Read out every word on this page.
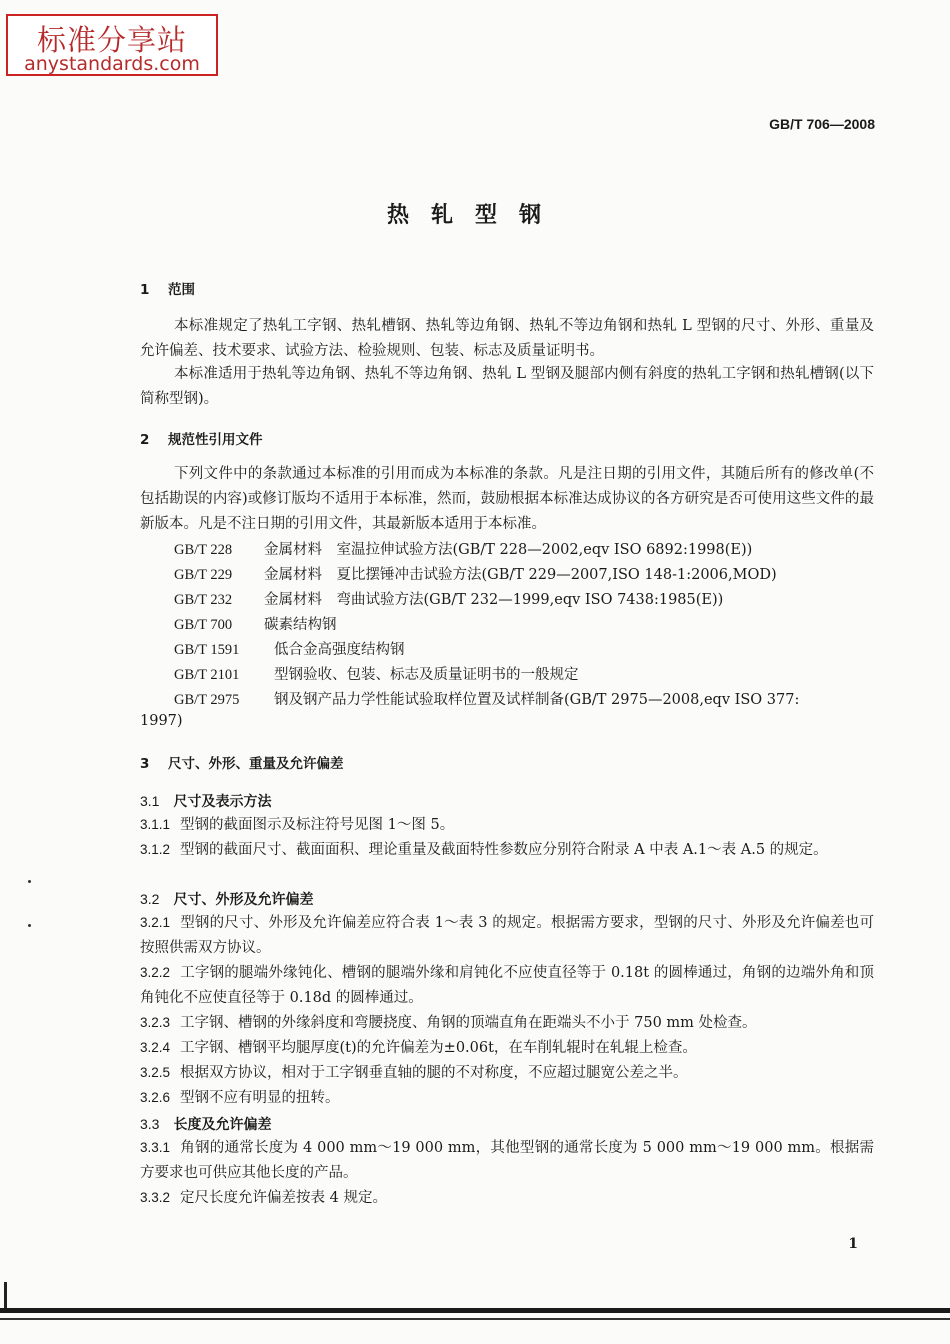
标准分享站
anystandards.com
GB/T 706—2008
热轧型钢
1 范围
本标准规定了热轧工字钢、热轧槽钢、热轧等边角钢、热轧不等边角钢和热轧 L 型钢的尺寸、外形、重量及允许偏差、技术要求、试验方法、检验规则、包装、标志及质量证明书。
本标准适用于热轧等边角钢、热轧不等边角钢、热轧 L 型钢及腿部内侧有斜度的热轧工字钢和热轧槽钢(以下简称型钢)。
2 规范性引用文件
下列文件中的条款通过本标准的引用而成为本标准的条款。凡是注日期的引用文件，其随后所有的修改单(不包括勘误的内容)或修订版均不适用于本标准，然而，鼓励根据本标准达成协议的各方研究是否可使用这些文件的最新版本。凡是不注日期的引用文件，其最新版本适用于本标准。
GB/T 228 金属材料　室温拉伸试验方法(GB/T 228—2002,eqv ISO 6892:1998(E))
GB/T 229 金属材料　夏比摆锤冲击试验方法(GB/T 229—2007,ISO 148-1:2006,MOD)
GB/T 232 金属材料　弯曲试验方法(GB/T 232—1999,eqv ISO 7438:1985(E))
GB/T 700 碳素结构钢
GB/T 1591 低合金高强度结构钢
GB/T 2101 型钢验收、包装、标志及质量证明书的一般规定
GB/T 2975 钢及钢产品力学性能试验取样位置及试样制备(GB/T 2975—2008,eqv ISO 377:
1997)
3 尺寸、外形、重量及允许偏差
3.1 尺寸及表示方法
3.1.1 型钢的截面图示及标注符号见图 1～图 5。
3.1.2 型钢的截面尺寸、截面面积、理论重量及截面特性参数应分别符合附录 A 中表 A.1～表 A.5 的规定。
3.2 尺寸、外形及允许偏差
3.2.1 型钢的尺寸、外形及允许偏差应符合表 1～表 3 的规定。根据需方要求，型钢的尺寸、外形及允许偏差也可按照供需双方协议。
3.2.2 工字钢的腿端外缘钝化、槽钢的腿端外缘和肩钝化不应使直径等于 0.18t 的圆棒通过，角钢的边端外角和顶角钝化不应使直径等于 0.18d 的圆棒通过。
3.2.3 工字钢、槽钢的外缘斜度和弯腰挠度、角钢的顶端直角在距端头不小于 750 mm 处检查。
3.2.4 工字钢、槽钢平均腿厚度(t)的允许偏差为±0.06t，在车削轧辊时在轧辊上检查。
3.2.5 根据双方协议，相对于工字钢垂直轴的腿的不对称度，不应超过腿宽公差之半。
3.2.6 型钢不应有明显的扭转。
3.3 长度及允许偏差
3.3.1 角钢的通常长度为 4 000 mm～19 000 mm，其他型钢的通常长度为 5 000 mm～19 000 mm。根据需方要求也可供应其他长度的产品。
3.3.2 定尺长度允许偏差按表 4 规定。
1
